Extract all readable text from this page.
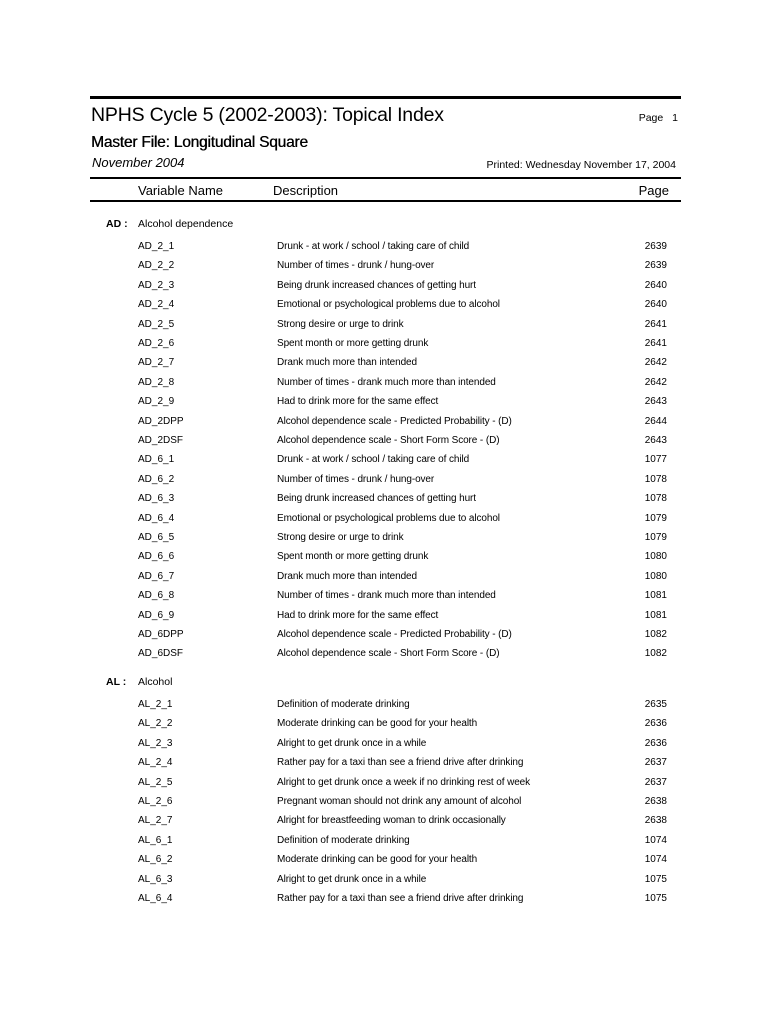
NPHS Cycle 5 (2002-2003): Topical Index	Page 1
Master File: Longitudinal Square
November 2004	Printed: Wednesday November 17, 2004
Variable Name	Description	Page
AD : Alcohol dependence
AD_2_1	Drunk - at work / school / taking care of child	2639
AD_2_2	Number of times - drunk / hung-over	2639
AD_2_3	Being drunk increased chances of getting hurt	2640
AD_2_4	Emotional or psychological problems due to alcohol	2640
AD_2_5	Strong desire or urge to drink	2641
AD_2_6	Spent month or more getting drunk	2641
AD_2_7	Drank much more than intended	2642
AD_2_8	Number of times - drank much more than intended	2642
AD_2_9	Had to drink more for the same effect	2643
AD_2DPP	Alcohol dependence scale - Predicted Probability - (D)	2644
AD_2DSF	Alcohol dependence scale - Short Form Score - (D)	2643
AD_6_1	Drunk - at work / school / taking care of child	1077
AD_6_2	Number of times - drunk / hung-over	1078
AD_6_3	Being drunk increased chances of getting hurt	1078
AD_6_4	Emotional or psychological problems due to alcohol	1079
AD_6_5	Strong desire or urge to drink	1079
AD_6_6	Spent month or more getting drunk	1080
AD_6_7	Drank much more than intended	1080
AD_6_8	Number of times - drank much more than intended	1081
AD_6_9	Had to drink more for the same effect	1081
AD_6DPP	Alcohol dependence scale - Predicted Probability - (D)	1082
AD_6DSF	Alcohol dependence scale - Short Form Score - (D)	1082
AL : Alcohol
AL_2_1	Definition of moderate drinking	2635
AL_2_2	Moderate drinking can be good for your health	2636
AL_2_3	Alright to get drunk once in a while	2636
AL_2_4	Rather pay for a taxi than see a friend drive after drinking	2637
AL_2_5	Alright to get drunk once a week if no drinking rest of week	2637
AL_2_6	Pregnant woman should not drink any amount of alcohol	2638
AL_2_7	Alright for breastfeeding woman to drink occasionally	2638
AL_6_1	Definition of moderate drinking	1074
AL_6_2	Moderate drinking can be good for your health	1074
AL_6_3	Alright to get drunk once in a while	1075
AL_6_4	Rather pay for a taxi than see a friend drive after drinking	1075
